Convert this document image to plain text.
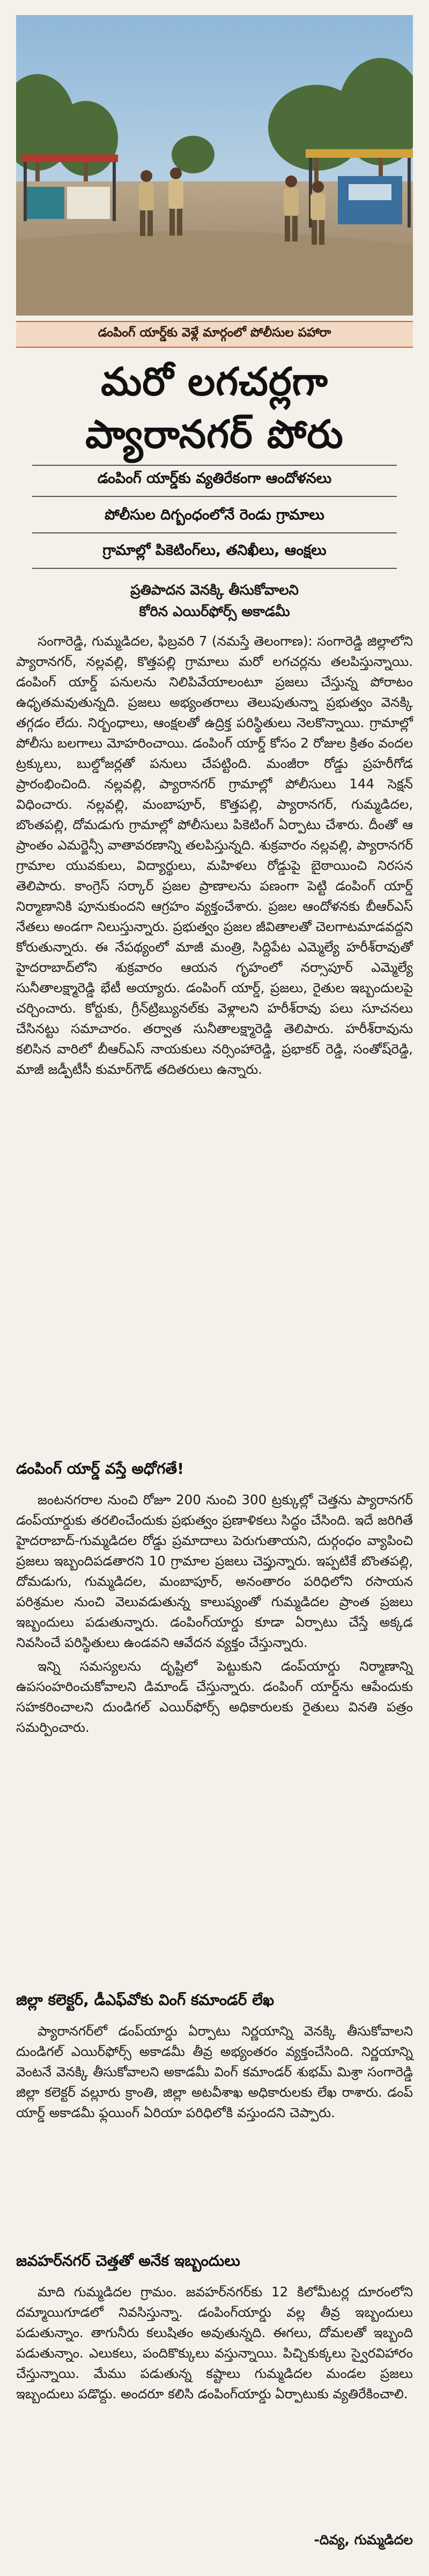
డంపింగ్ యార్డ్‌కు వెళ్లే మార్గంలో పోలీసుల పహారా
మరో లగచర్లగా
ప్యారానగర్ పోరు
డంపింగ్ యార్డ్‌కు వ్యతిరేకంగా ఆందోళనలు
పోలీసుల దిగ్బంధంలోనే రెండు గ్రామాలు
గ్రామాల్లో పికెటింగ్‌లు, తనిఖీలు, ఆంక్షలు
ప్రతిపాదన వెనక్కి తీసుకోవాలని
కోరిన ఎయిర్‌ఫోర్స్ అకాడమీ

సంగారెడ్డి, గుమ్మడిదల, ఫిబ్రవరి 7 (నమస్తే తెలంగాణ): సంగారెడ్డి జిల్లాలోని ప్యారానగర్, నల్లవల్లి, కొత్తపల్లి గ్రామాలు మరో లగచర్లను తలపిస్తున్నాయి. డంపింగ్ యార్డ్ పనులను నిలిపివేయాలంటూ ప్రజలు చేస్తున్న పోరాటం ఉధృతమవుతున్నది. ప్రజలు అభ్యంతరాలు తెలుపుతున్నా ప్రభుత్వం వెనక్కి తగ్గడం లేదు. నిర్బంధాలు, ఆంక్షలతో ఉద్రిక్త పరిస్థితులు నెలకొన్నాయి. గ్రామాల్లో పోలీసు బలగాలు మోహరించాయి. డంపింగ్ యార్డ్ కోసం 2 రోజుల క్రితం వందల ట్రక్కులు, బుల్డోజర్లతో పనులు చేపట్టింది. మంజీరా రోడ్డు ప్రహరీగోడ ప్రారంభించింది. నల్లవల్లి, ప్యారానగర్ గ్రామాల్లో పోలీసులు 144 సెక్షన్ విధించారు. నల్లవల్లి, మంబాపూర్, కొత్తపల్లి, ప్యారానగర్, గుమ్మడిదల, బొంతపల్లి, దోమడుగు గ్రామాల్లో పోలీసులు పికెటింగ్ ఏర్పాటు చేశారు. దీంతో ఆ ప్రాంతం ఎమర్జెన్సీ వాతావరణాన్ని తలపిస్తున్నది. శుక్రవారం నల్లవల్లి, ప్యారానగర్ గ్రామాల యువకులు, విద్యార్థులు, మహిళలు రోడ్డుపై బైఠాయించి నిరసన తెలిపారు. కాంగ్రెస్ సర్కార్ ప్రజల ప్రాణాలను పణంగా పెట్టి డంపింగ్ యార్డ్ నిర్మాణానికి పూనుకుందని ఆగ్రహం వ్యక్తంచేశారు. ప్రజల ఆందోళనకు బీఆర్ఎస్ నేతలు అండగా నిలుస్తున్నారు. ప్రభుత్వం ప్రజల జీవితాలతో చెలగాటమాడవద్దని కోరుతున్నారు. ఈ నేపథ్యంలో మాజీ మంత్రి, సిద్దిపేట ఎమ్మెల్యే హరీశ్‌రావుతో హైదరాబాద్‌లోని శుక్రవారం ఆయన గృహంలో నర్సాపూర్ ఎమ్మెల్యే సునీతాలక్ష్మారెడ్డి భేటీ అయ్యారు. డంపింగ్ యార్డ్, ప్రజలు, రైతుల ఇబ్బందులపై చర్చించారు. కోర్టుకు, గ్రీన్‌ట్రిబ్యునల్‌కు వెళ్లాలని హరీశ్‌రావు పలు సూచనలు చేసినట్టు సమాచారం. తర్వాత సునీతాలక్ష్మారెడ్డి తెలిపారు. హరీశ్‌రావును కలిసిన వారిలో బీఆర్ఎస్ నాయకులు నర్సింహారెడ్డి, ప్రభాకర్ రెడ్డి, సంతోష్‌రెడ్డి, మాజీ జడ్పీటీసీ కుమార్‌గౌడ్ తదితరులు ఉన్నారు.

డంపింగ్ యార్డ్ వస్తే అధోగతే!

జంటనగరాల నుంచి రోజూ 200 నుంచి 300 ట్రక్కుల్లో చెత్తను ప్యారానగర్ డంప్‌యార్డుకు తరలించేందుకు ప్రభుత్వం ప్రణాళికలు సిద్ధం చేసింది. ఇదే జరిగితే హైదరాబాద్-గుమ్మడిదల రోడ్డు ప్రమాదాలు పెరుగుతాయని, దుర్గంధం వ్యాపించి ప్రజలు ఇబ్బందిపడతారని 10 గ్రామాల ప్రజలు చెప్తున్నారు. ఇప్పటికే బొంతపల్లి, దోమడుగు, గుమ్మడిదల, మంబాపూర్, అనంతారం పరిధిలోని రసాయన పరిశ్రమల నుంచి వెలువడుతున్న కాలుష్యంతో గుమ్మడిదల ప్రాంత ప్రజలు ఇబ్బందులు పడుతున్నారు. డంపింగ్‌యార్డు కూడా ఏర్పాటు చేస్తే అక్కడ నివసించే పరిస్థితులు ఉండవని ఆవేదన వ్యక్తం చేస్తున్నారు.

ఇన్ని సమస్యలను దృష్టిలో పెట్టుకుని డంప్‌యార్డు నిర్మాణాన్ని ఉపసంహరించుకోవాలని డిమాండ్ చేస్తున్నారు. డంపింగ్ యార్డ్‌ను ఆపేందుకు సహకరించాలని దుండిగల్ ఎయిర్‌ఫోర్స్ అధికారులకు రైతులు వినతి పత్రం సమర్పించారు.

జిల్లా కలెక్టర్, డీఎఫ్‌వోకు వింగ్ కమాండర్ లేఖ

ప్యారానగర్‌లో డంప్‌యార్డు ఏర్పాటు నిర్ణయాన్ని వెనక్కి తీసుకోవాలని దుండిగల్ ఎయిర్‌ఫోర్స్ అకాడమీ తీవ్ర అభ్యంతరం వ్యక్తంచేసింది. నిర్ణయాన్ని వెంటనే వెనక్కి తీసుకోవాలని అకాడమీ వింగ్ కమాండర్ శుభమ్ మిశ్రా సంగారెడ్డి జిల్లా కలెక్టర్ వల్లూరు క్రాంతి, జిల్లా అటవీశాఖ అధికారులకు లేఖ రాశారు. డంప్ యార్డ్ అకాడమీ ఫ్లయింగ్ ఏరియా పరిధిలోకి వస్తుందని చెప్పారు.

జవహర్‌నగర్ చెత్తతో అనేక ఇబ్బందులు

మాది గుమ్మడిదల గ్రామం. జవహర్‌నగర్‌కు 12 కిలోమీటర్ల దూరంలోని దమ్మాయిగూడలో నివసిస్తున్నా. డంపింగ్‌యార్డు వల్ల తీవ్ర ఇబ్బందులు పడుతున్నాం. తాగునీరు కలుషితం అవుతున్నది. ఈగలు, దోమలతో ఇబ్బంది పడుతున్నాం. ఎలుకలు, పందికొక్కులు వస్తున్నాయి. పిచ్చికుక్కలు స్వైరవిహారం చేస్తున్నాయి. మేము పడుతున్న కష్టాలు గుమ్మడిదల మండల ప్రజలు ఇబ్బందులు పడొద్దు. అందరూ కలిసి డంపింగ్‌యార్డు ఏర్పాటుకు వ్యతిరేకించాలి.

-దివ్య, గుమ్మడిదల
